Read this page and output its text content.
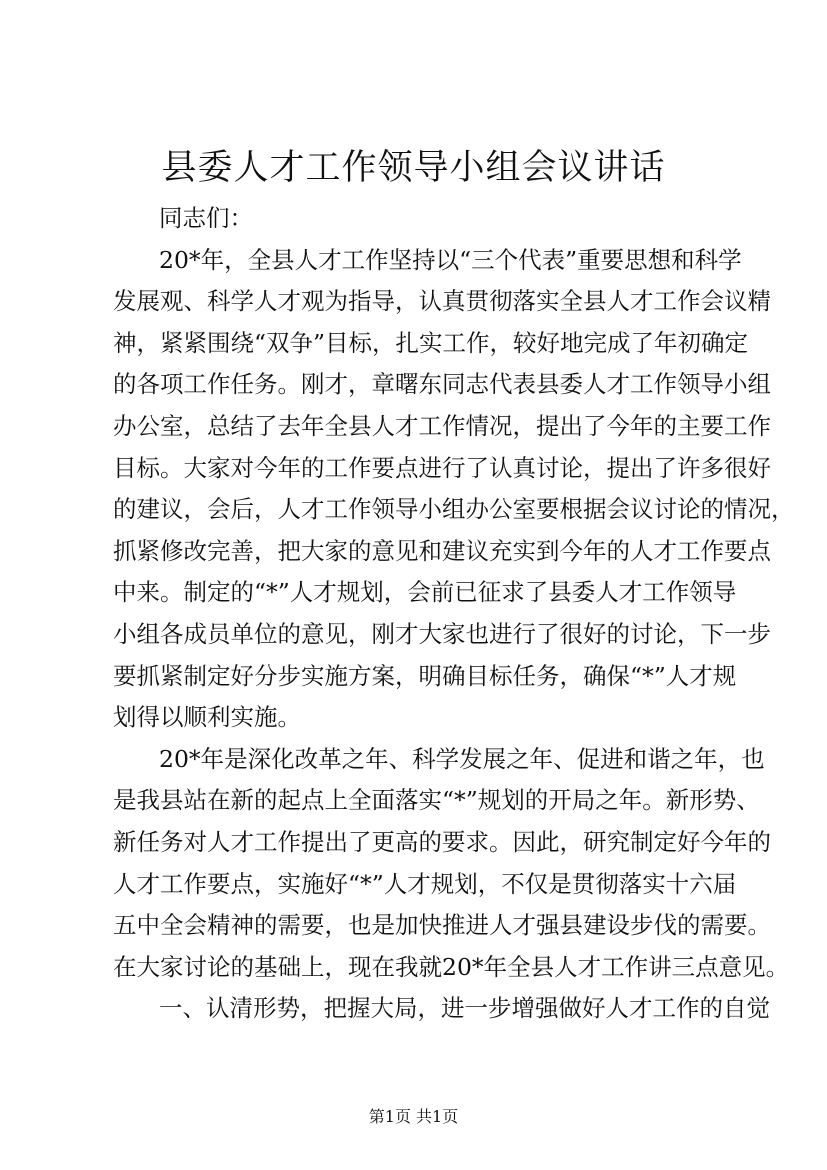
县委人才工作领导小组会议讲话
同志们：
20*年，全县人才工作坚持以“三个代表”重要思想和科学
发展观、科学人才观为指导，认真贯彻落实全县人才工作会议精
神，紧紧围绕“双争”目标，扎实工作，较好地完成了年初确定
的各项工作任务。刚才，章曙东同志代表县委人才工作领导小组
办公室，总结了去年全县人才工作情况，提出了今年的主要工作
目标。大家对今年的工作要点进行了认真讨论，提出了许多很好
的建议，会后，人才工作领导小组办公室要根据会议讨论的情况，
抓紧修改完善，把大家的意见和建议充实到今年的人才工作要点
中来。制定的“*”人才规划，会前已征求了县委人才工作领导
小组各成员单位的意见，刚才大家也进行了很好的讨论，下一步
要抓紧制定好分步实施方案，明确目标任务，确保“*”人才规
划得以顺利实施。
20*年是深化改革之年、科学发展之年、促进和谐之年，也
是我县站在新的起点上全面落实“*”规划的开局之年。新形势、
新任务对人才工作提出了更高的要求。因此，研究制定好今年的
人才工作要点，实施好“*”人才规划，不仅是贯彻落实十六届
五中全会精神的需要，也是加快推进人才强县建设步伐的需要。
在大家讨论的基础上，现在我就20*年全县人才工作讲三点意见。
一、认清形势，把握大局，进一步增强做好人才工作的自觉
第1页 共1页
